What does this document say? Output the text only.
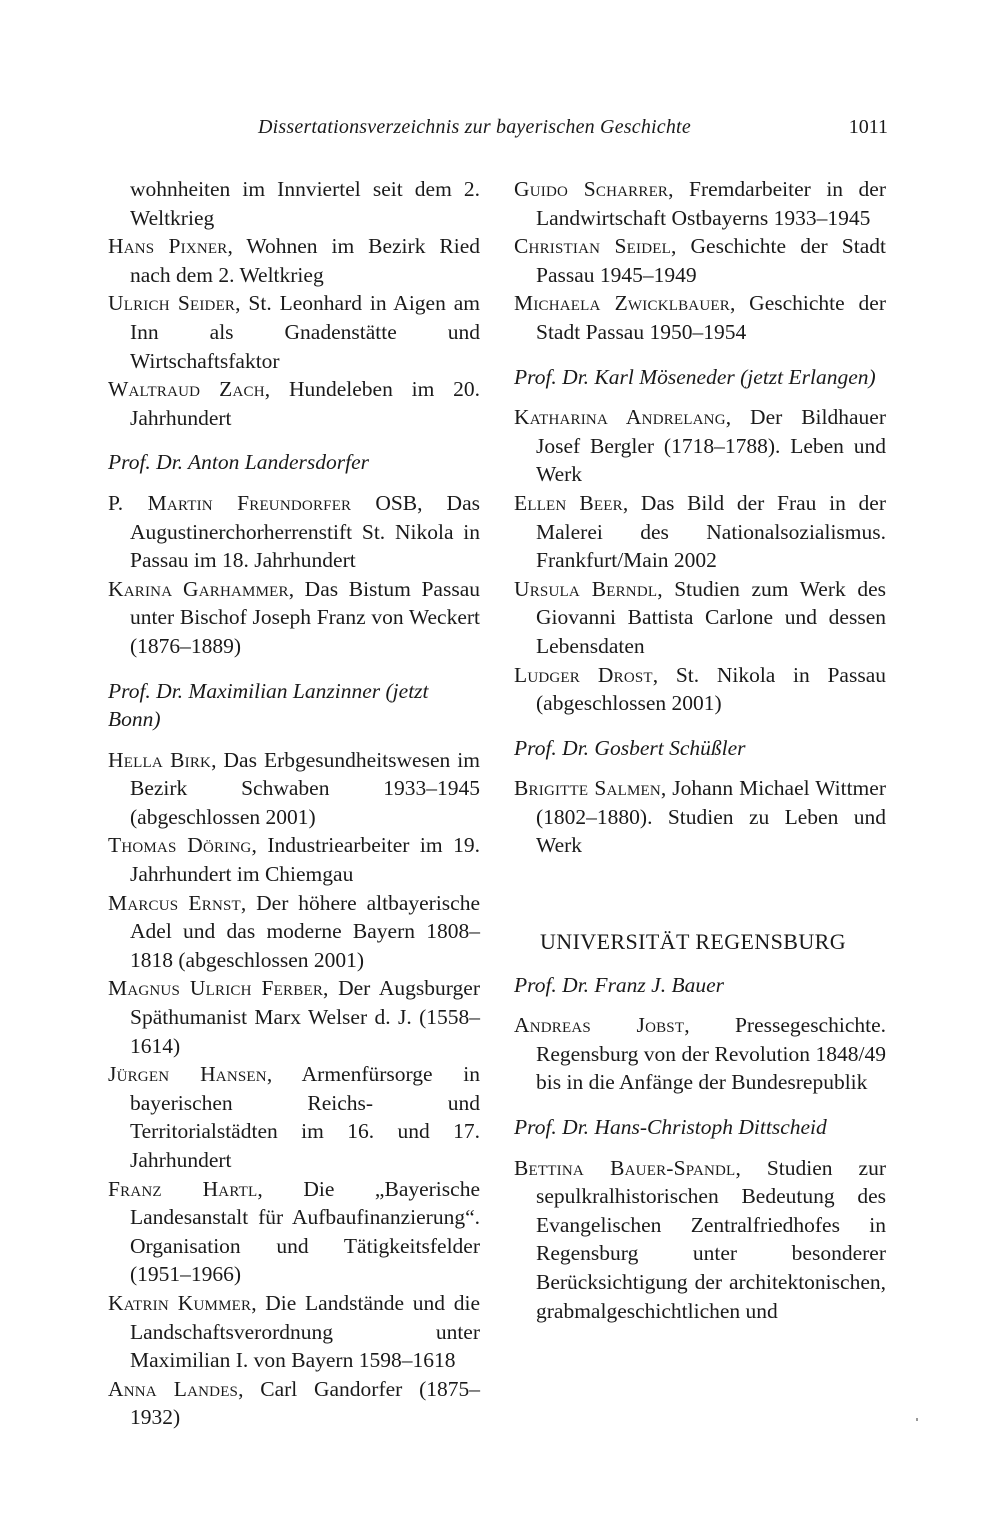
Dissertationsverzeichnis zur bayerischen Geschichte	1011

wohnheiten im Innviertel seit dem 2. Weltkrieg

Hans Pixner, Wohnen im Bezirk Ried nach dem 2. Weltkrieg

Ulrich Seider, St. Leonhard in Aigen am Inn als Gnadenstätte und Wirtschaftsfaktor

Waltraud Zach, Hundeleben im 20. Jahrhundert

Prof. Dr. Anton Landersdorfer

P. Martin Freundorfer OSB, Das Augustinerchorherrenstift St. Nikola in Passau im 18. Jahrhundert

Karina Garhammer, Das Bistum Passau unter Bischof Joseph Franz von Weckert (1876–1889)

Prof. Dr. Maximilian Lanzinner (jetzt Bonn)

Hella Birk, Das Erbgesundheitswesen im Bezirk Schwaben 1933–1945 (abgeschlossen 2001)

Thomas Döring, Industriearbeiter im 19. Jahrhundert im Chiemgau

Marcus Ernst, Der höhere altbayerische Adel und das moderne Bayern 1808–1818 (abgeschlossen 2001)

Magnus Ulrich Ferber, Der Augsburger Späthumanist Marx Welser d. J. (1558–1614)

Jürgen Hansen, Armenfürsorge in bayerischen Reichs- und Territorialstädten im 16. und 17. Jahrhundert

Franz Hartl, Die „Bayerische Landesanstalt für Aufbaufinanzierung“. Organisation und Tätigkeitsfelder (1951–1966)

Katrin Kummer, Die Landstände und die Landschaftsverordnung unter Maximilian I. von Bayern 1598–1618

Anna Landes, Carl Gandorfer (1875–1932)

Guido Scharrer, Fremdarbeiter in der Landwirtschaft Ostbayerns 1933–1945

Christian Seidel, Geschichte der Stadt Passau 1945–1949

Michaela Zwicklbauer, Geschichte der Stadt Passau 1950–1954

Prof. Dr. Karl Möseneder (jetzt Erlangen)

Katharina Andrelang, Der Bildhauer Josef Bergler (1718–1788). Leben und Werk

Ellen Beer, Das Bild der Frau in der Malerei des Nationalsozialismus. Frankfurt/Main 2002

Ursula Berndl, Studien zum Werk des Giovanni Battista Carlone und dessen Lebensdaten

Ludger Drost, St. Nikola in Passau (abgeschlossen 2001)

Prof. Dr. Gosbert Schüßler

Brigitte Salmen, Johann Michael Wittmer (1802–1880). Studien zu Leben und Werk

UNIVERSITÄT REGENSBURG

Prof. Dr. Franz J. Bauer

Andreas Jobst, Pressegeschichte. Regensburg von der Revolution 1848/49 bis in die Anfänge der Bundesrepublik

Prof. Dr. Hans-Christoph Dittscheid

Bettina Bauer-Spandl, Studien zur sepulkralhistorischen Bedeutung des Evangelischen Zentralfriedhofes in Regensburg unter besonderer Berücksichtigung der architektonischen, grabmalgeschichtlichen und
